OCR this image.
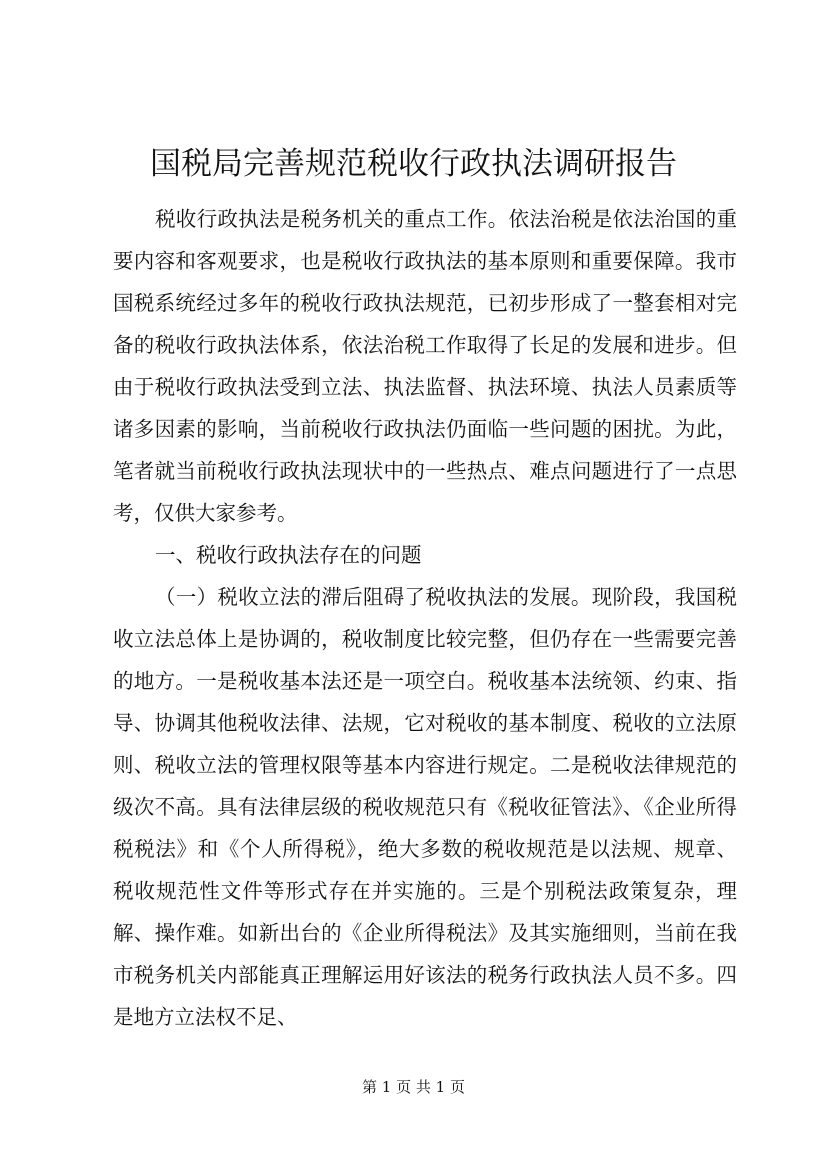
国税局完善规范税收行政执法调研报告

税收行政执法是税务机关的重点工作。依法治税是依法治国的重要内容和客观要求，也是税收行政执法的基本原则和重要保障。我市国税系统经过多年的税收行政执法规范，已初步形成了一整套相对完备的税收行政执法体系，依法治税工作取得了长足的发展和进步。但由于税收行政执法受到立法、执法监督、执法环境、执法人员素质等诸多因素的影响，当前税收行政执法仍面临一些问题的困扰。为此，笔者就当前税收行政执法现状中的一些热点、难点问题进行了一点思考，仅供大家参考。

一、税收行政执法存在的问题

（一）税收立法的滞后阻碍了税收执法的发展。现阶段，我国税收立法总体上是协调的，税收制度比较完整，但仍存在一些需要完善的地方。一是税收基本法还是一项空白。税收基本法统领、约束、指导、协调其他税收法律、法规，它对税收的基本制度、税收的立法原则、税收立法的管理权限等基本内容进行规定。二是税收法律规范的级次不高。具有法律层级的税收规范只有《税收征管法》、《企业所得税税法》和《个人所得税》，绝大多数的税收规范是以法规、规章、税收规范性文件等形式存在并实施的。三是个别税法政策复杂，理解、操作难。如新出台的《企业所得税法》及其实施细则，当前在我市税务机关内部能真正理解运用好该法的税务行政执法人员不多。四是地方立法权不足、

第 1 页 共 1 页
